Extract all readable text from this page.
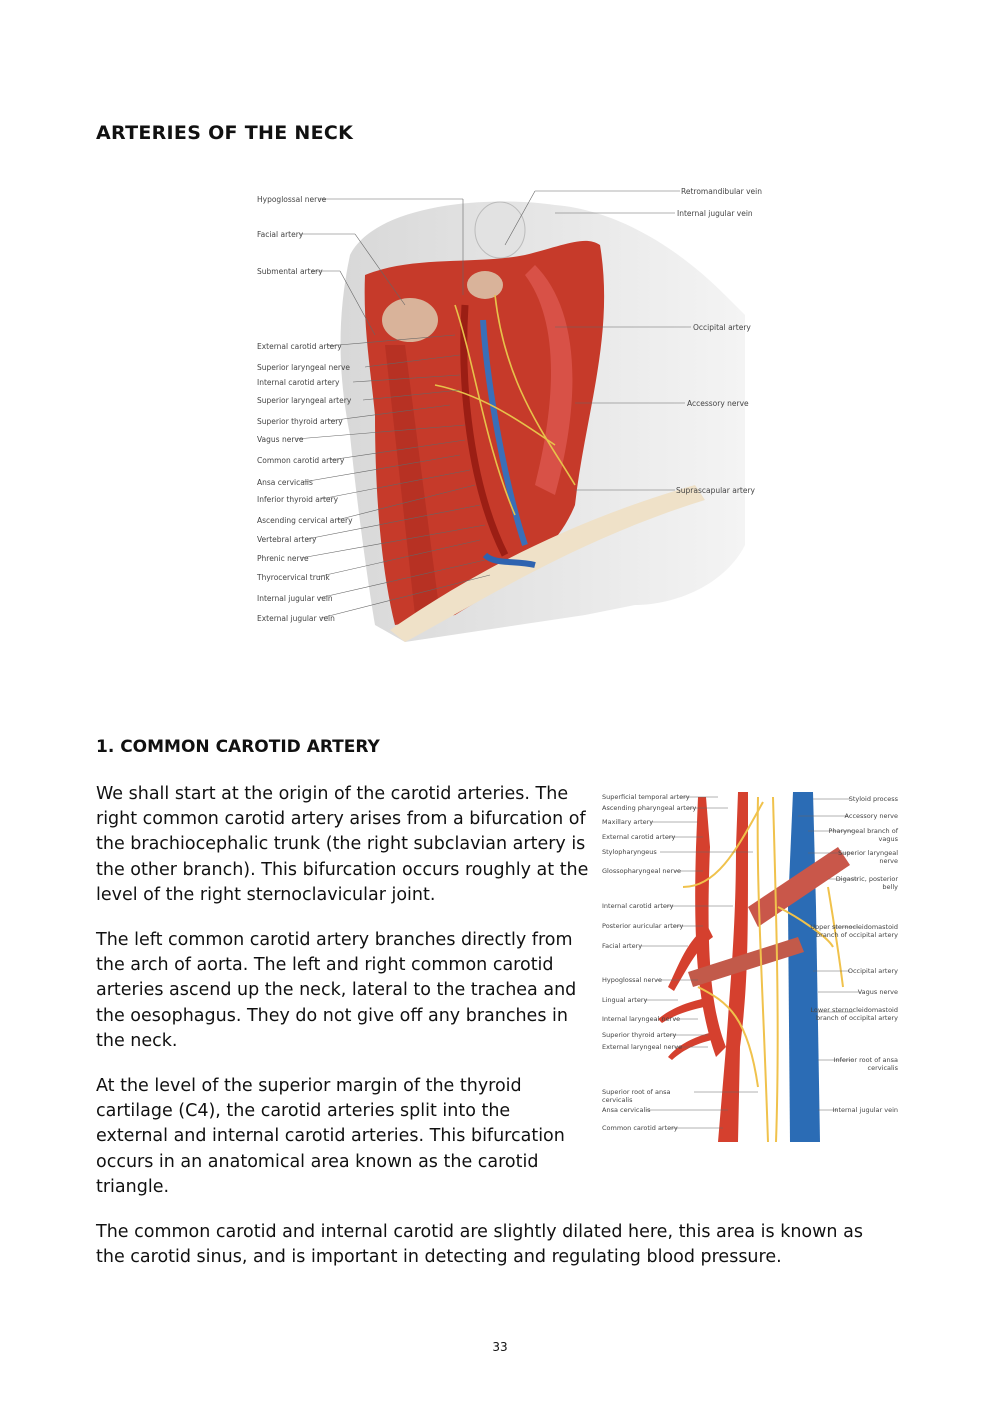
ARTERIES OF THE NECK
Hypoglossal nerve
Facial artery
Submental artery
External carotid artery
Superior laryngeal nerve
Internal carotid artery
Superior laryngeal artery
Superior thyroid artery
Vagus nerve
Common carotid artery
Ansa cervicalis
Inferior thyroid artery
Ascending cervical artery
Vertebral artery
Phrenic nerve
Thyrocervical trunk
Internal jugular vein
External jugular vein
Retromandibular vein
Internal jugular vein
Occipital artery
Accessory nerve
Suprascapular artery
1. COMMON CAROTID ARTERY

We shall start at the origin of the carotid arteries. The right common carotid artery arises from a bifurcation of the brachiocephalic trunk (the right subclavian artery is the other branch). This bifurcation occurs roughly at the level of the right sternoclavicular joint.

The left common carotid artery branches directly from the arch of aorta. The left and right common carotid arteries ascend up the neck, lateral to the trachea and the oesophagus. They do not give off any branches in the neck.

At the level of the superior margin of the thyroid cartilage (C4), the carotid arteries split into the external and internal carotid arteries. This bifurcation occurs in an anatomical area known as the carotid triangle.

The common carotid and internal carotid are slightly dilated here, this area is known as the carotid sinus, and is important in detecting and regulating blood pressure.

Superficial temporal artery
Ascending pharyngeal artery
Maxillary artery
External carotid artery
Stylopharyngeus
Glossopharyngeal nerve
Internal carotid artery
Posterior auricular artery
Facial artery
Hypoglossal nerve
Lingual artery
Internal laryngeal nerve
Superior thyroid artery
External laryngeal nerve
Superior root of ansa cervicalis
Ansa cervicalis
Common carotid artery
Styloid process
Accessory nerve
Pharyngeal branch of vagus
Superior laryngeal nerve
Digastric, posterior belly
Upper sternocleidomastoid branch of occipital artery
Occipital artery
Vagus nerve
Lower sternocleidomastoid branch of occipital artery
Inferior root of ansa cervicalis
Internal jugular vein
33
